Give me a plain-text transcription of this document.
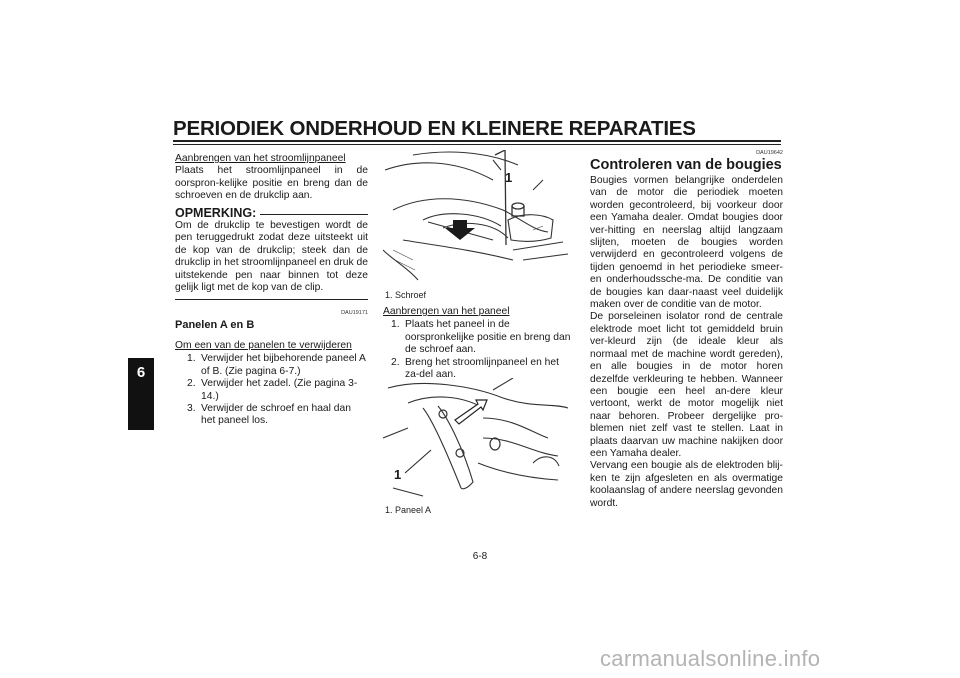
PERIODIEK ONDERHOUD EN KLEINERE REPARATIES
6

Aanbrengen van het stroomlijnpaneel

Plaats het stroomlijnpaneel in de oorspron-kelijke positie en breng dan de schroeven en de drukclip aan.

OPMERKING:

Om de drukclip te bevestigen wordt de pen teruggedrukt zodat deze uitsteekt uit de kop van de drukclip; steek dan de drukclip in het stroomlijnpaneel en druk de uitstekende pen naar binnen tot deze gelijk ligt met de kop van de clip.

DAU19171
Panelen A en B

Om een van de panelen te verwijderen

1. Verwijder het bijbehorende paneel A of B. (Zie pagina 6-7.)
2. Verwijder het zadel. (Zie pagina 3-14.)
3. Verwijder de schroef en haal dan het paneel los.
1
1. Schroef

Aanbrengen van het paneel

1. Plaats het paneel in de oorspronkelijke positie en breng dan de schroef aan.
2. Breng het stroomlijnpaneel en het za-del aan.
1
1. Paneel A
DAU19642
Controleren van de bougies

Bougies vormen belangrijke onderdelen van de motor die periodiek moeten worden gecontroleerd, bij voorkeur door een Yamaha dealer. Omdat bougies door ver-hitting en neerslag altijd langzaam slijten, moeten de bougies worden verwijderd en gecontroleerd volgens de tijden genoemd in het periodieke smeer- en onderhoudssche-ma. De conditie van de bougies kan daar-naast veel duidelijk maken over de conditie van de motor.

De porseleinen isolator rond de centrale elektrode moet licht tot gemiddeld bruin ver-kleurd zijn (de ideale kleur als normaal met de machine wordt gereden), en alle bougies in de motor horen dezelfde verkleuring te hebben. Wanneer een bougie een heel an-dere kleur vertoont, werkt de motor mogelijk niet naar behoren. Probeer dergelijke pro-blemen niet zelf vast te stellen. Laat in plaats daarvan uw machine nakijken door een Yamaha dealer.

Vervang een bougie als de elektroden blij-ken te zijn afgesleten en als overmatige koolaanslag of andere neerslag gevonden wordt.

6-8
carmanualsonline.info
